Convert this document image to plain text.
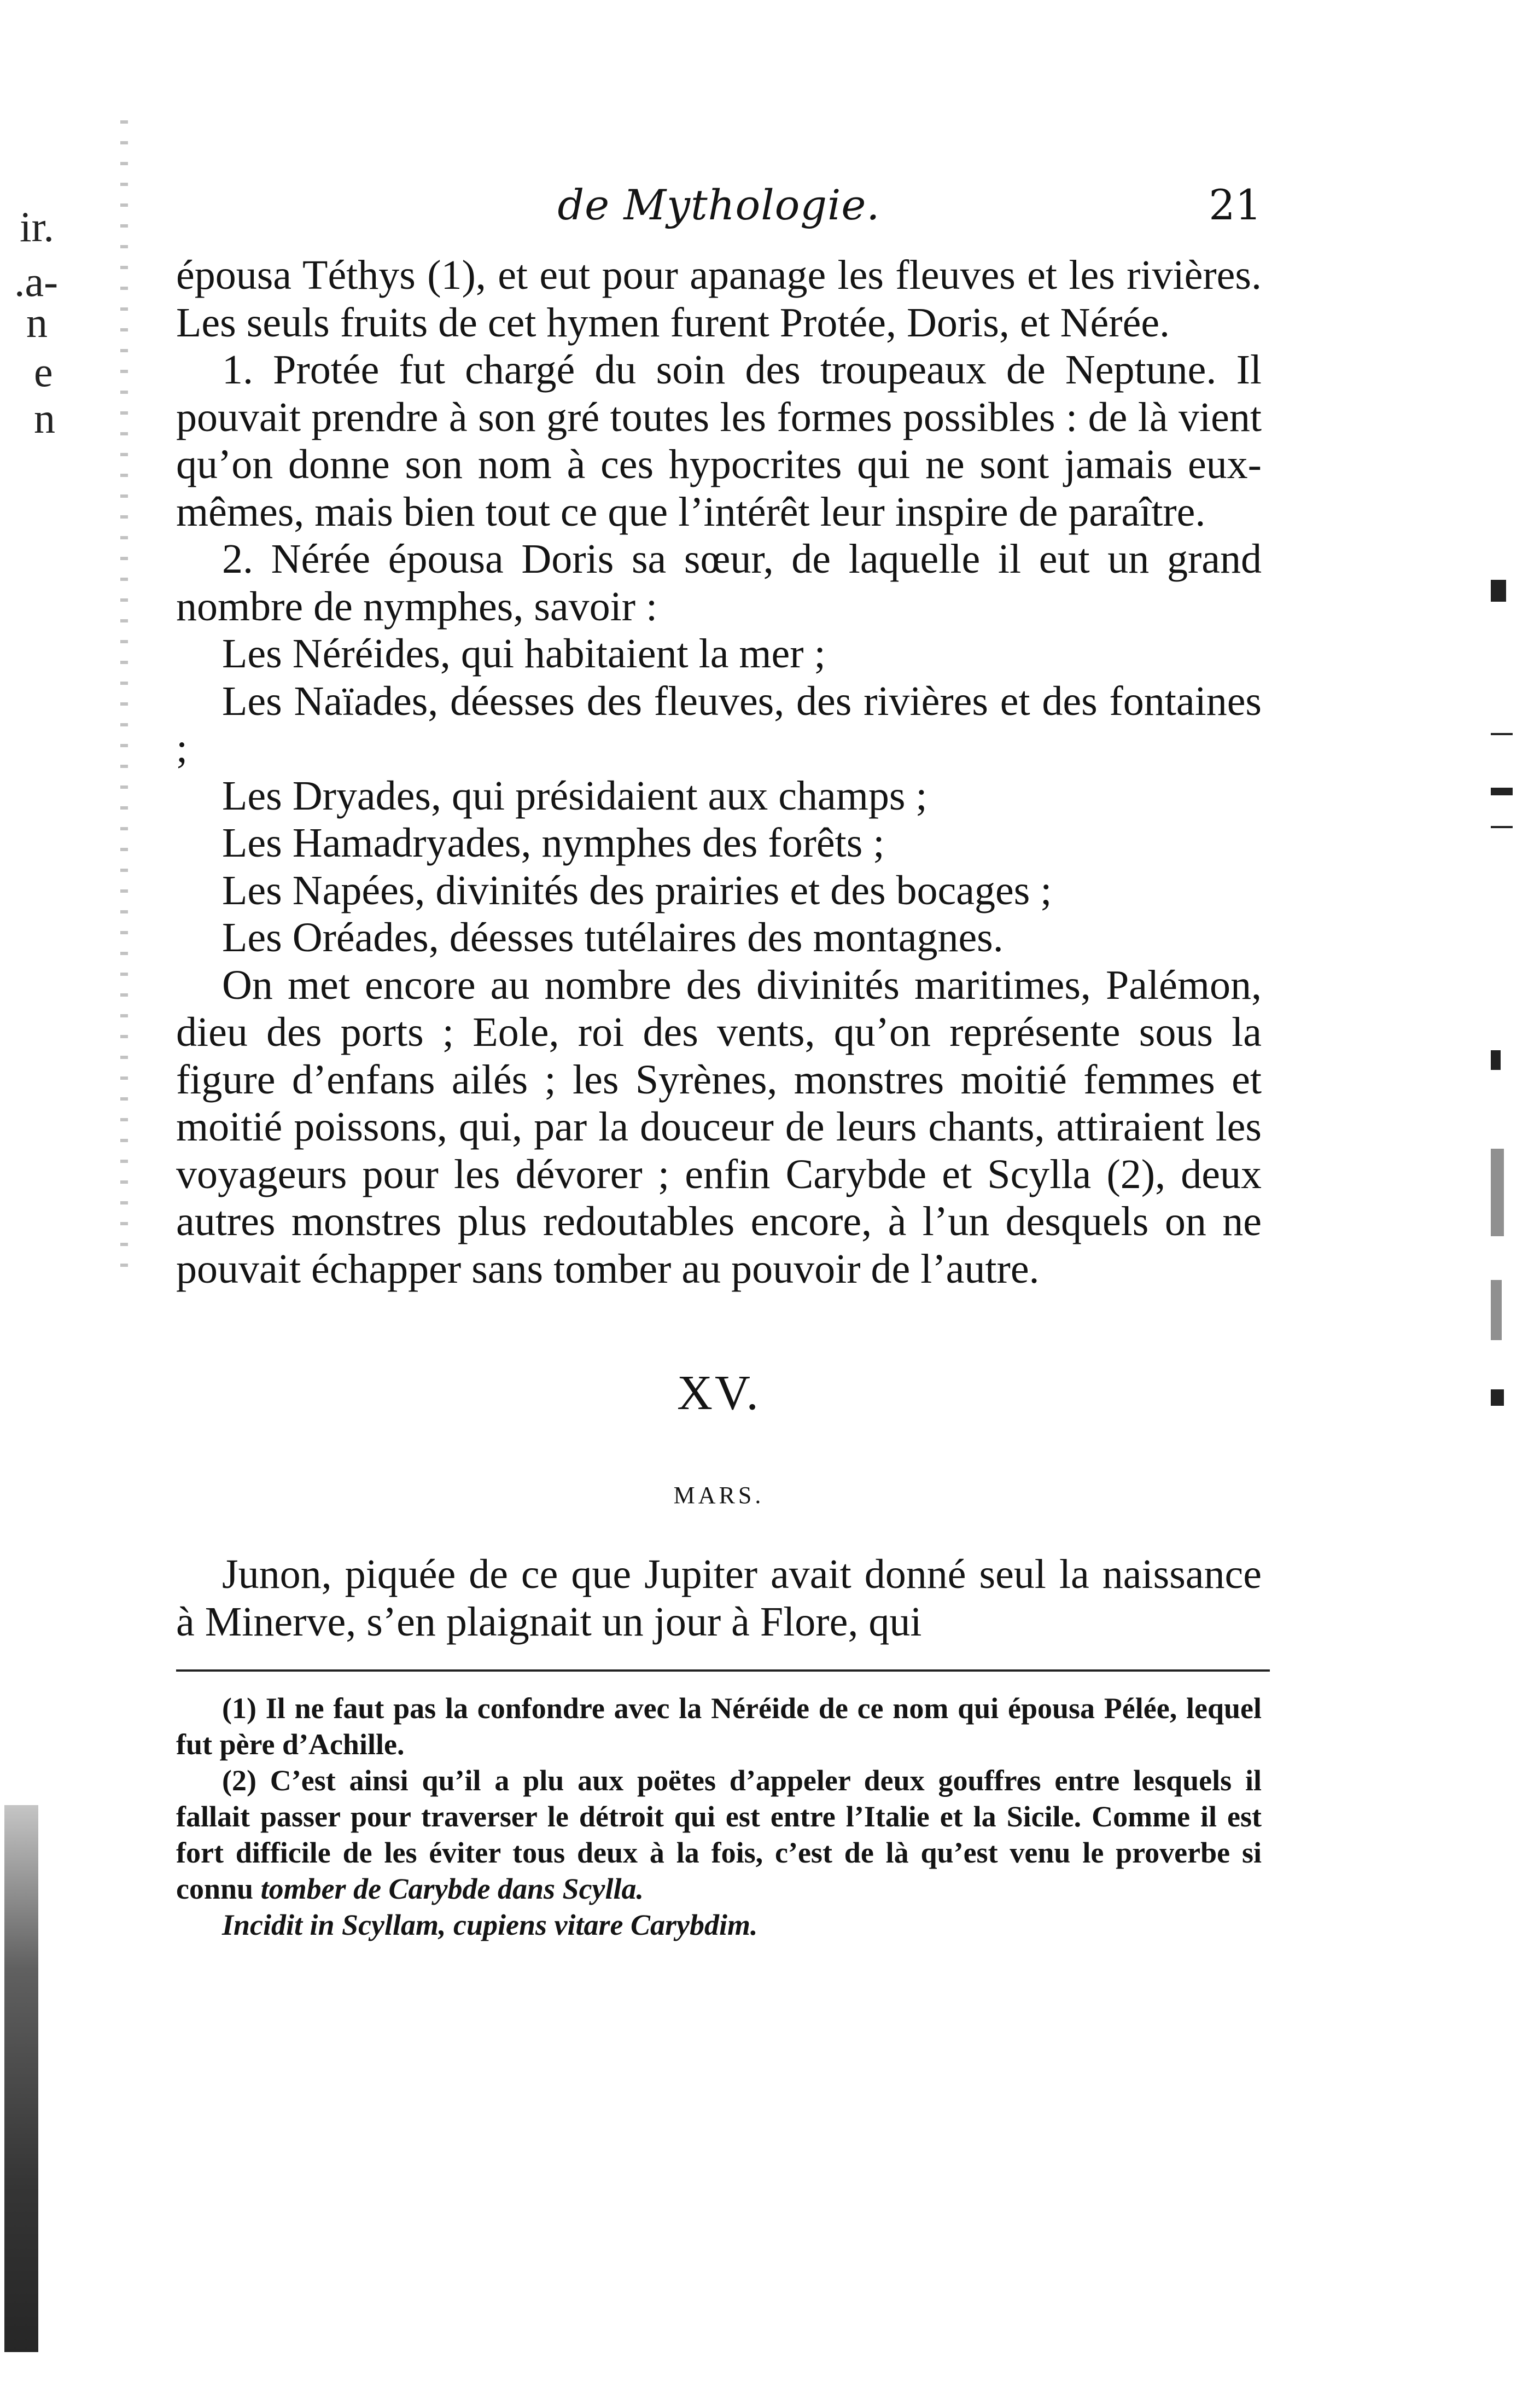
ir.
.a-
n
e
n
de Mythologie.	21

épousa Téthys (1), et eut pour apanage les fleuves et les rivières. Les seuls fruits de cet hymen furent Protée, Doris, et Nérée.

1. Protée fut chargé du soin des troupeaux de Neptune. Il pouvait prendre à son gré toutes les formes possibles : de là vient qu’on donne son nom à ces hypocrites qui ne sont jamais eux-mêmes, mais bien tout ce que l’intérêt leur inspire de paraître.

2. Nérée épousa Doris sa sœur, de laquelle il eut un grand nombre de nymphes, savoir :

Les Néréides, qui habitaient la mer ;

Les Naïades, déesses des fleuves, des rivières et des fontaines ;

Les Dryades, qui présidaient aux champs ;

Les Hamadryades, nymphes des forêts ;

Les Napées, divinités des prairies et des bocages ;

Les Oréades, déesses tutélaires des montagnes.

On met encore au nombre des divinités maritimes, Palémon, dieu des ports ; Eole, roi des vents, qu’on représente sous la figure d’enfans ailés ; les Syrènes, monstres moitié femmes et moitié poissons, qui, par la douceur de leurs chants, attiraient les voyageurs pour les dévorer ; enfin Carybde et Scylla (2), deux autres monstres plus redoutables encore, à l’un desquels on ne pouvait échapper sans tomber au pouvoir de l’autre.

XV.
MARS.

Junon, piquée de ce que Jupiter avait donné seul la naissance à Minerve, s’en plaignait un jour à Flore, qui

(1) Il ne faut pas la confondre avec la Néréide de ce nom qui épousa Pélée, lequel fut père d’Achille.

(2) C’est ainsi qu’il a plu aux poëtes d’appeler deux gouffres entre lesquels il fallait passer pour traverser le détroit qui est entre l’Italie et la Sicile. Comme il est fort difficile de les éviter tous deux à la fois, c’est de là qu’est venu le proverbe si connu tomber de Carybde dans Scylla.

Incidit in Scyllam, cupiens vitare Carybdim.
